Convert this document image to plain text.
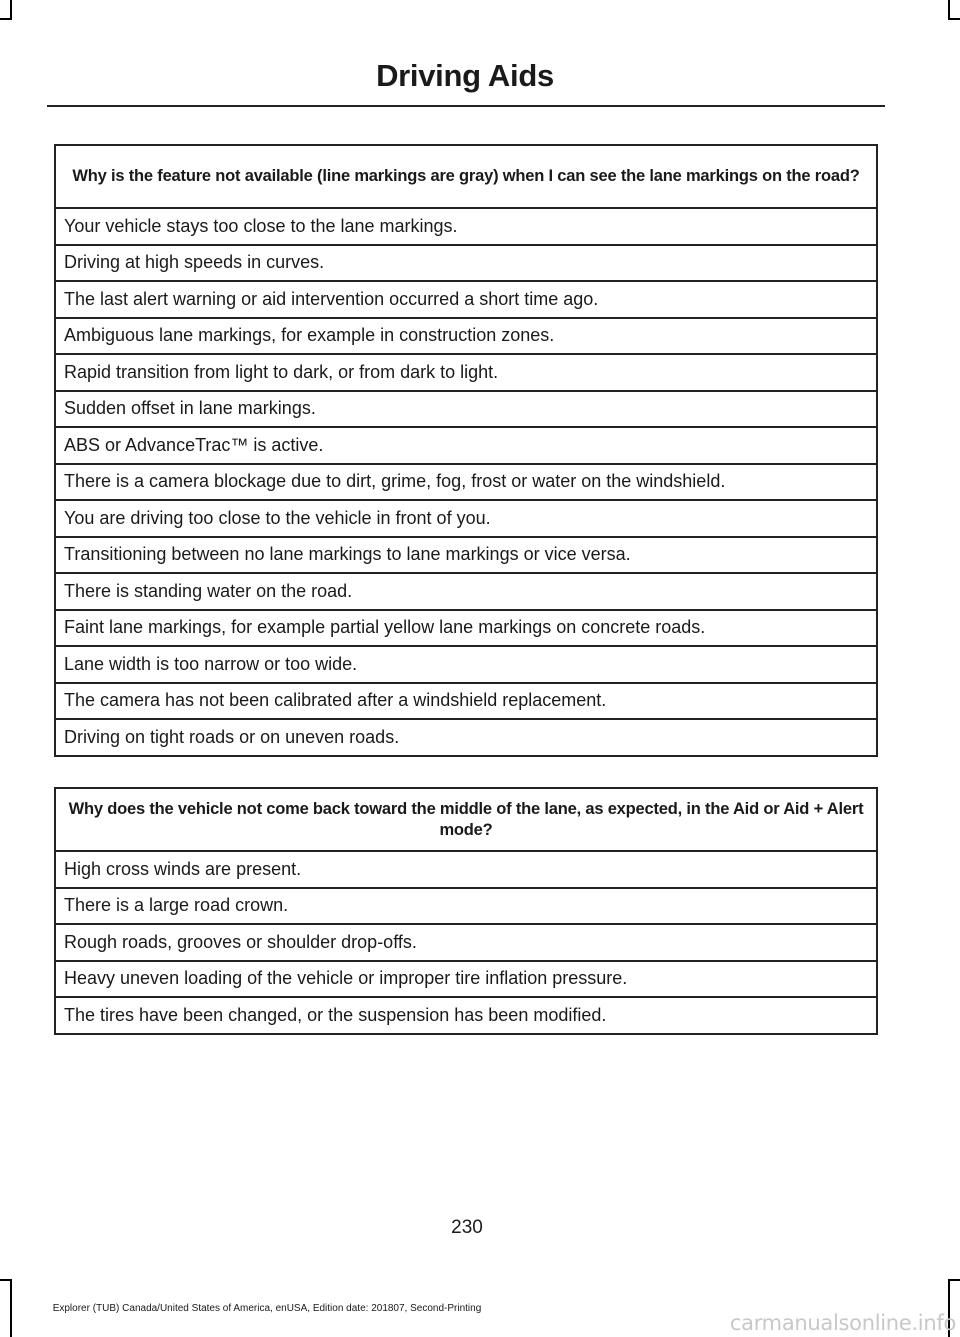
Driving Aids
Why is the feature not available (line markings are gray) when I can see the lane markings on the road?
Your vehicle stays too close to the lane markings.
Driving at high speeds in curves.
The last alert warning or aid intervention occurred a short time ago.
Ambiguous lane markings, for example in construction zones.
Rapid transition from light to dark, or from dark to light.
Sudden offset in lane markings.
ABS or AdvanceTrac™ is active.
There is a camera blockage due to dirt, grime, fog, frost or water on the windshield.
You are driving too close to the vehicle in front of you.
Transitioning between no lane markings to lane markings or vice versa.
There is standing water on the road.
Faint lane markings, for example partial yellow lane markings on concrete roads.
Lane width is too narrow or too wide.
The camera has not been calibrated after a windshield replacement.
Driving on tight roads or on uneven roads.
Why does the vehicle not come back toward the middle of the lane, as expected, in the Aid or Aid + Alert mode?
High cross winds are present.
There is a large road crown.
Rough roads, grooves or shoulder drop-offs.
Heavy uneven loading of the vehicle or improper tire inflation pressure.
The tires have been changed, or the suspension has been modified.
230
Explorer (TUB) Canada/United States of America, enUSA, Edition date: 201807, Second-Printing
carmanualsonline.info
